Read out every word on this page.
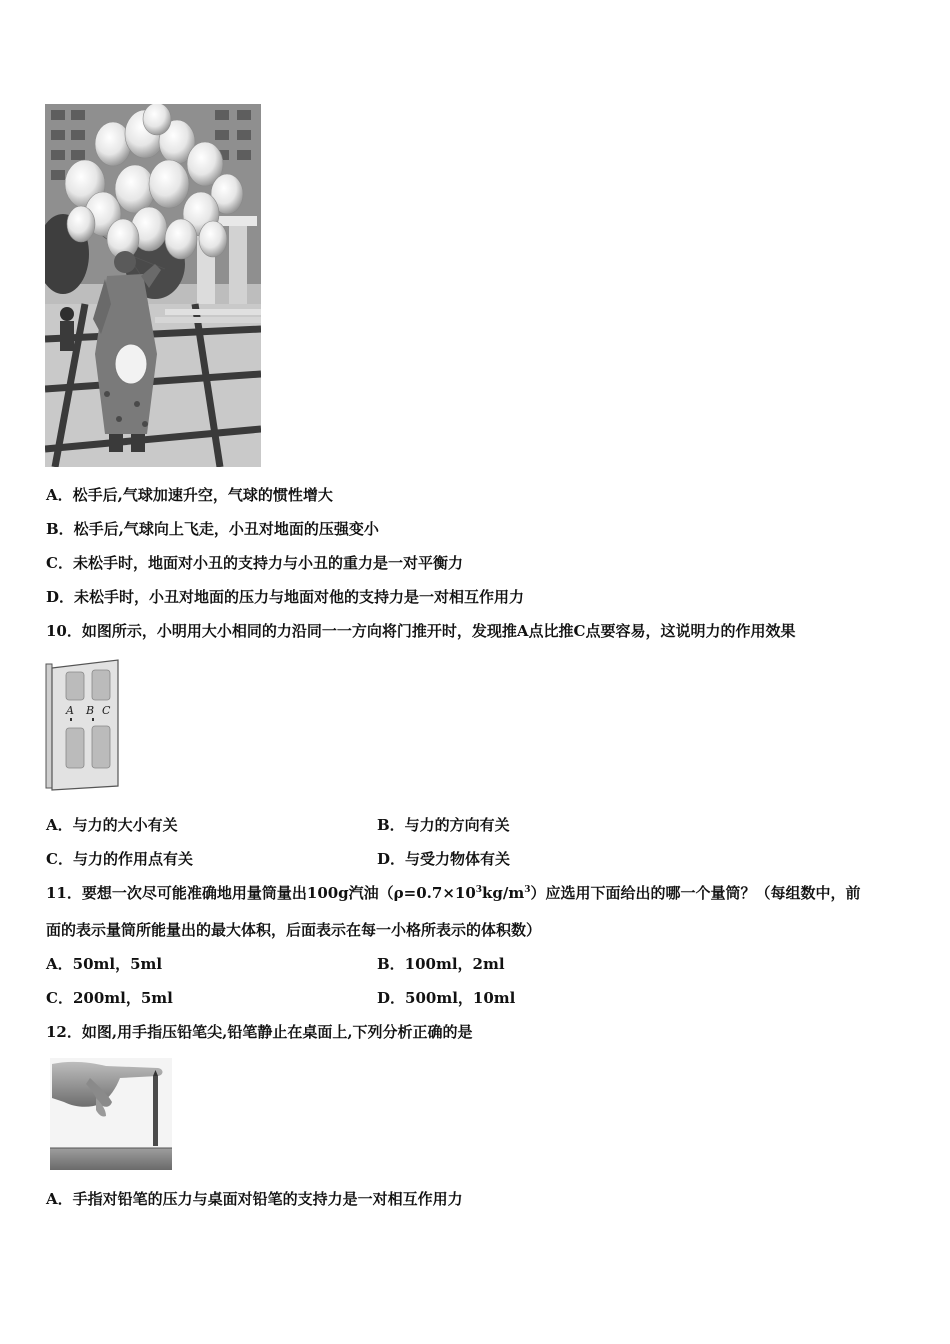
A．松手后,气球加速升空，气球的惯性增大
B．松手后,气球向上飞走，小丑对地面的压强变小
C．未松手时，地面对小丑的支持力与小丑的重力是一对平衡力
D．未松手时，小丑对地面的压力与地面对他的支持力是一对相互作用力
10．如图所示，小明用大小相同的力沿同一一方向将门推开时，发现推A点比推C点要容易，这说明力的作用效果
A B C
A．与力的大小有关	B．与力的方向有关
C．与力的作用点有关	D．与受力物体有关
11．要想一次尽可能准确地用量筒量出100g汽油$(\rho=0.7\times 10^3kg/m^3)$应选用下面给出的哪一个量筒？（每组数中，前
面的表示量筒所能量出的最大体积，后面表示在每一小格所表示的体积数）
A．50ml，5ml	B．100ml，2ml
C．200ml，5ml	D．500ml，10ml
12．如图,用手指压铅笔尖,铅笔静止在桌面上,下列分析正确的是
A．手指对铅笔的压力与桌面对铅笔的支持力是一对相互作用力
